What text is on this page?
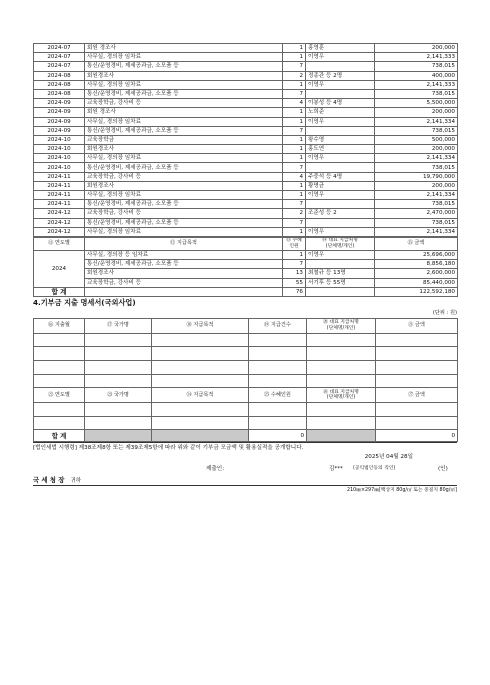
2024-07	회원 경조사	1	홍영훈	200,000
2024-07	사무실, 경의장 임차료	1	이영우	2,141,333
2024-07	통신/운영경비, 제세공과금, 소모품 등	7		738,015
2024-08	회원경조사	2	정종관 등 2명	400,000
2024-08	사무실, 경의장 임차료	1	이영우	2,141,333
2024-08	통신/운영경비, 제세공과금, 소모품 등	7		738,015
2024-09	교육장학금, 강사비 등	4	이봉성 등 4명	5,500,000
2024-09	회원 경조사	1	노희준	200,000
2024-09	사무실, 경의장 임차료	1	이영우	2,141,334
2024-09	통신/운영경비, 제세공과금, 소모품 등	7		738,015
2024-10	교육장학금	1	왕수영	500,000
2024-10	회원경조사	1	홍도연	200,000
2024-10	사무실, 경의장 임차료	1	이영우	2,141,334
2024-10	통신/운영경비, 제세공과금, 소모품 등	7		738,015
2024-11	교육장학금, 강사비 등	4	주중석 등 4명	19,790,000
2024-11	회원경조사	1	황명균	200,000
2024-11	사무실, 경의장 임차료	1	이영우	2,141,334
2024-11	통신/운영경비, 제세공과금, 소모품 등	7		738,015
2024-12	교육장학금, 강사비 등	2	조준성 등 2	2,470,000
2024-12	통신/운영경비, 제세공과금, 소모품 등	7		738,015
2024-12	사무실, 경의장 임차료	1	이영우	2,141,334
⑪ 연도별	⑫ 지급목적	⑬ 수혜인원	⑭ 대표 지급처명
(단체명/개인)	⑮ 금액
2024	사무실, 경의장 등 임차료	1	이영우	25,696,000
	통신/운영경비, 제세공과금, 소모품 등	7		8,856,180
	회원경조사	13	최철규 등 13명	2,600,000
	교육장학금, 강사비 등	55	서기후 등 55명	85,440,000
합 계		76		122,592,180
4.기부금 지출 명세서(국외사업)
(단위 : 원)
⑯ 지출월	⑰ 국가명	⑱ 지급목적	⑲ 지급건수	⑳ 대표 지급처명
(단체명/개인)	㉑ 금액

㉒ 연도별	㉓ 국가명	㉔ 지급목적	㉕ 수혜인원	㉖ 대표 지급처명
(단체명/개인)	㉗ 금액

합 계			0		0
[법인세법 시행령] 제38조제8항 또는 제39조제5항에 따라 위와 같이 기부금 모금액 및 활용실적을 공개합니다.
2025년 04월 28일
제출인:	김*** (공익법인등의 직인)	(인)
국 세 청 장 귀하
210㎜×297㎜[백상지 80g/㎡ 또는 중질지 80g/㎡]
